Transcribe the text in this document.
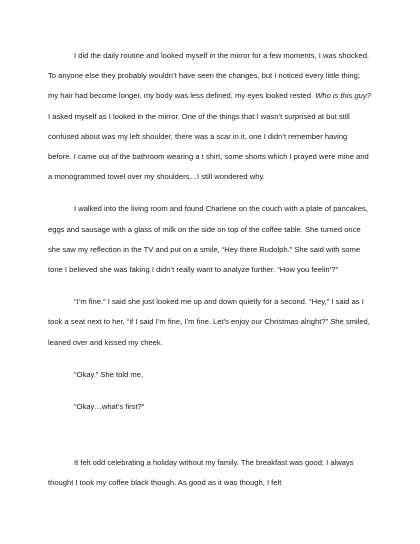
I did the daily routine and looked myself in the mirror for a few moments, I was shocked. To anyone else they probably wouldn’t have seen the changes, but I noticed every little thing; my hair had become longer, my body was less defined, my eyes looked rested. Who is this guy? I asked myself as I looked in the mirror. One of the things that I wasn’t surprised at but still confused about was my left shoulder, there was a scar in it, one I didn’t remember having before. I came out of the bathroom wearing a t shirt, some shorts which I prayed were mine and a monogrammed towel over my shoulders…I still wondered why.

I walked into the living room and found Charlene on the couch with a plate of pancakes, eggs and sausage with a glass of milk on the side on top of the coffee table. She turned once she saw my reflection in the TV and put on a smile, “Hey there Rudolph.” She said with some tone I believed she was faking I didn’t really want to analyze further. “How you feelin’?”

“I’m fine.” I said she just looked me up and down quietly for a second. “Hey,” I said as I took a seat next to her, “if I said I’m fine, I’m fine. Let’s enjoy our Christmas alright?” She smiled, leaned over and kissed my cheek.

“Okay.” She told me,

“Okay…what’s first?”

It felt odd celebrating a holiday without my family. The breakfast was good; I always thought I took my coffee black though. As good as it was though, I felt
